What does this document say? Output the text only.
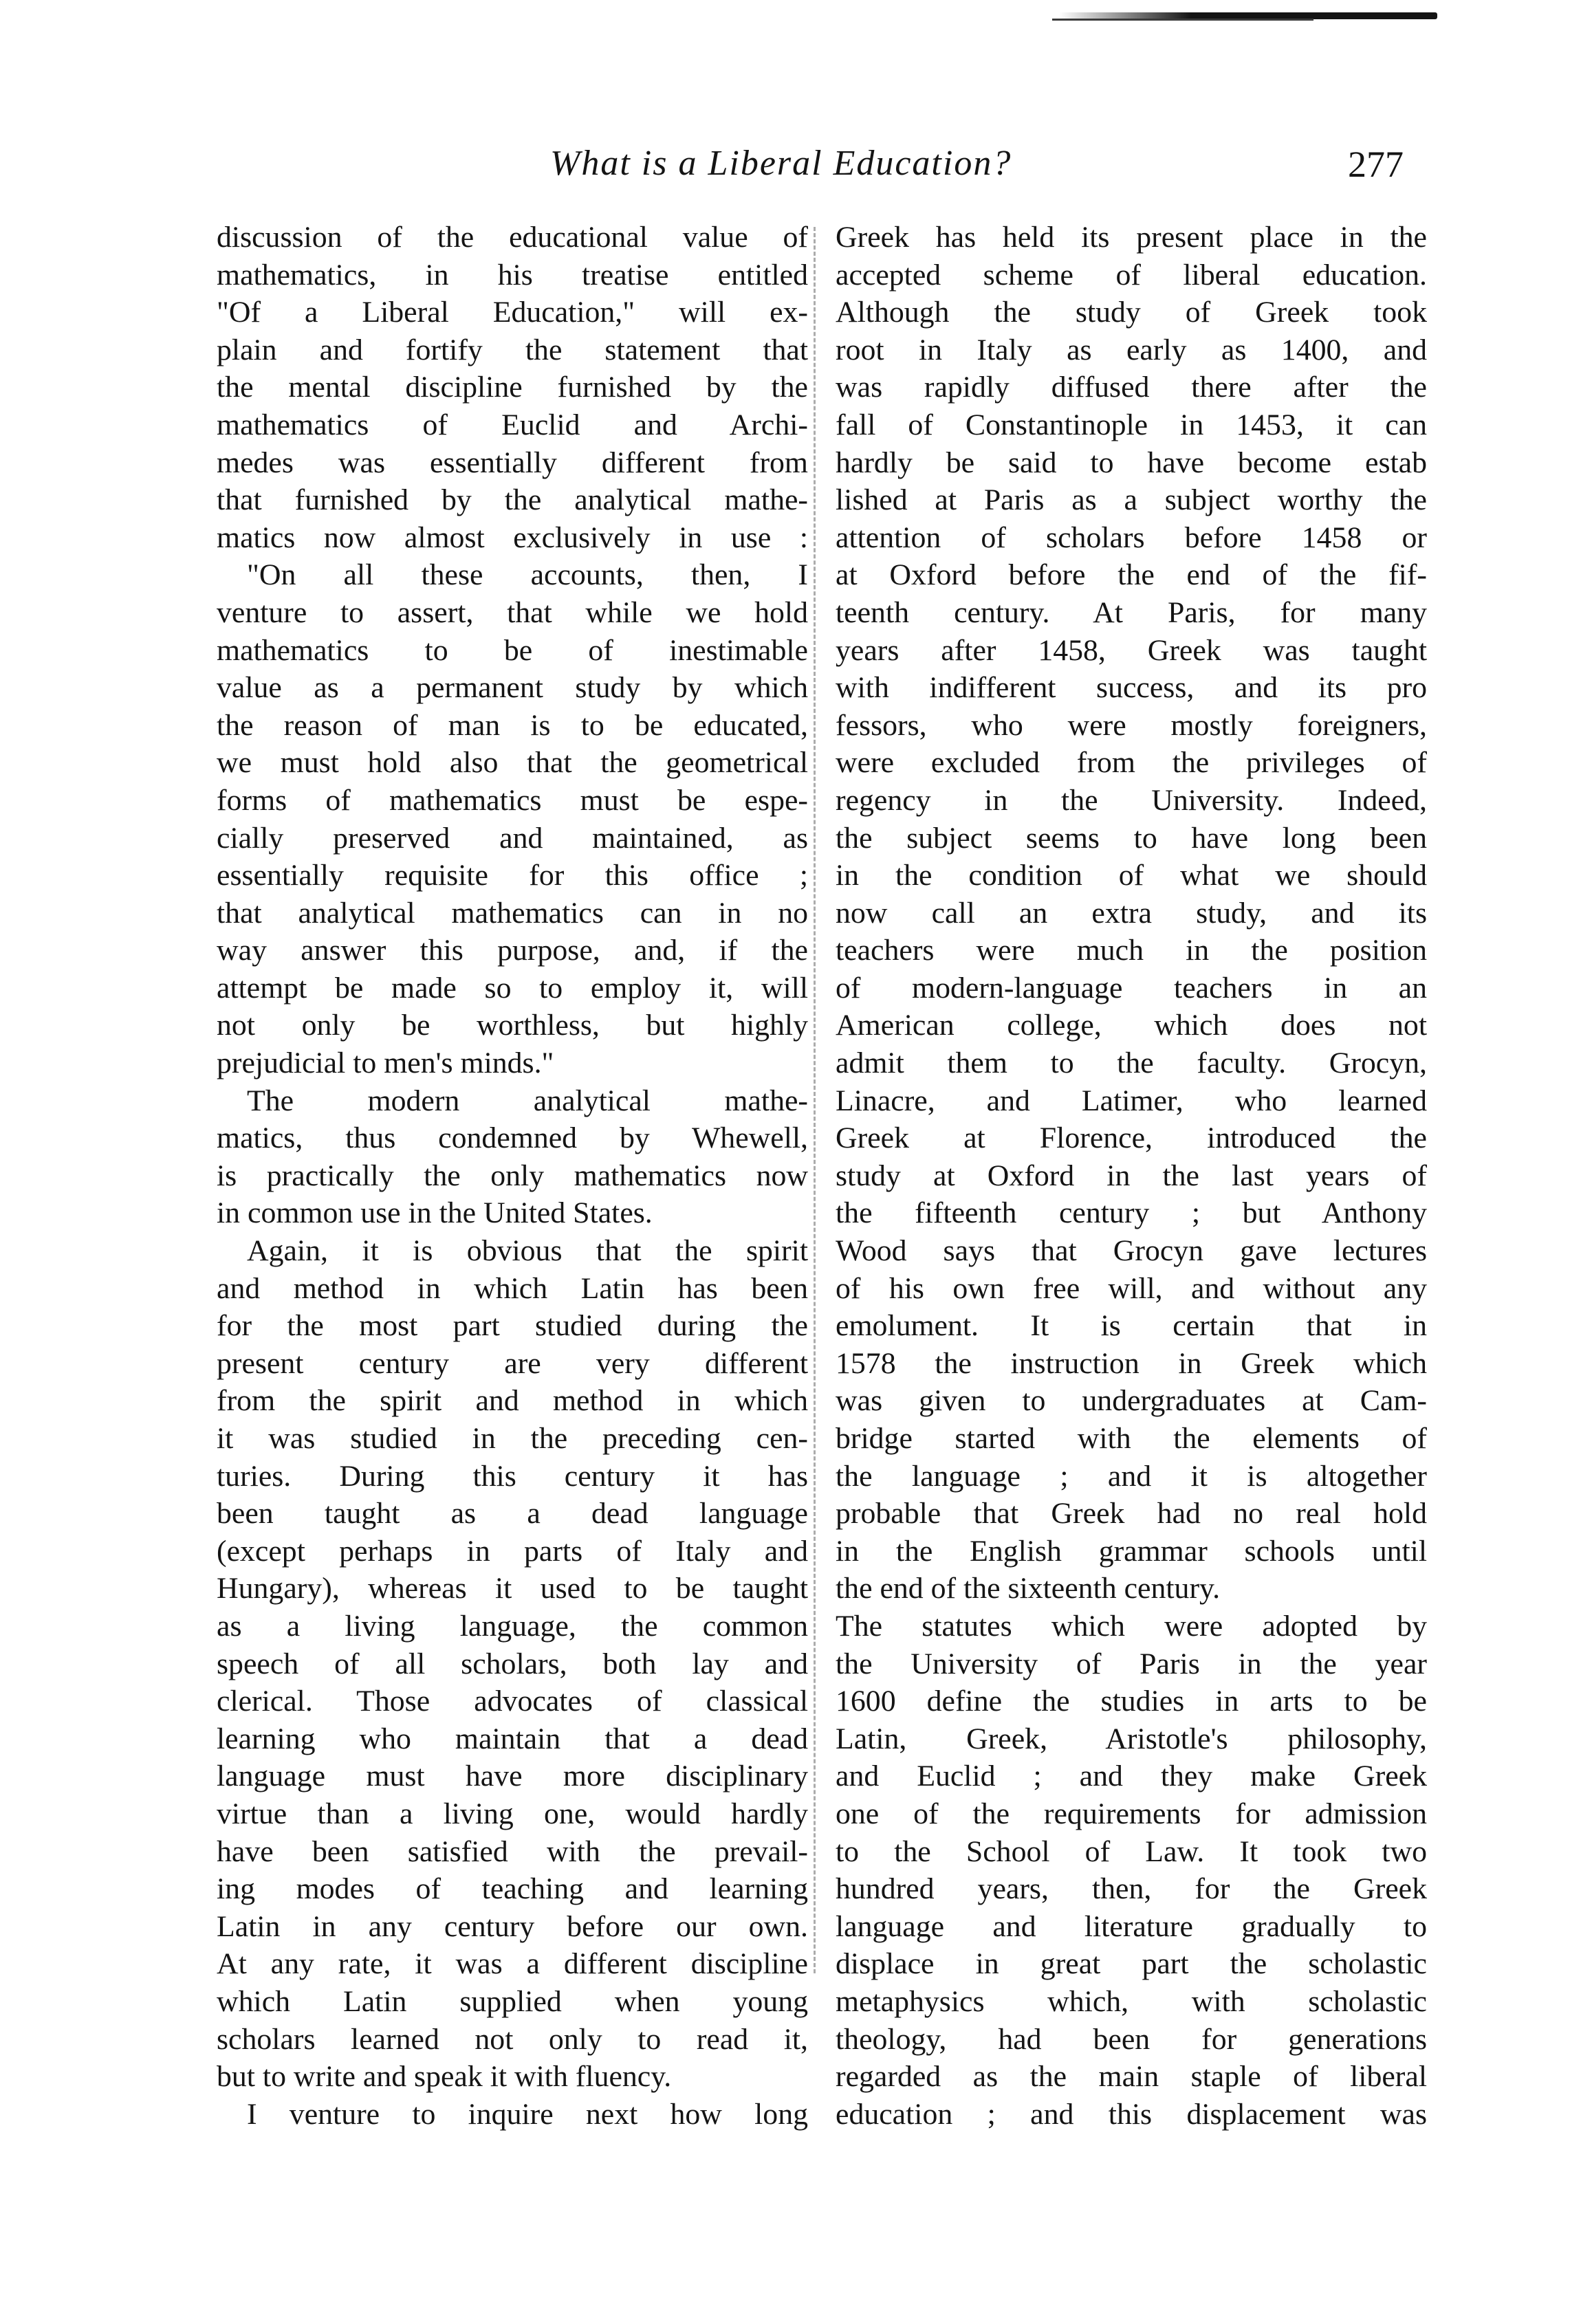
What is a Liberal Education?	277
discussion of the educational value of
mathematics, in his treatise entitled
"Of a Liberal Education," will ex-
plain and fortify the statement that
the mental discipline furnished by the
mathematics of Euclid and Archi-
medes was essentially different from
that furnished by the analytical mathe-
matics now almost exclusively in use :
"On all these accounts, then, I
venture to assert, that while we hold
mathematics to be of inestimable
value as a permanent study by which
the reason of man is to be educated,
we must hold also that the geometrical
forms of mathematics must be espe-
cially preserved and maintained, as
essentially requisite for this office ;
that analytical mathematics can in no
way answer this purpose, and, if the
attempt be made so to employ it, will
not only be worthless, but highly
prejudicial to men's minds."
The modern analytical mathe-
matics, thus condemned by Whewell,
is practically the only mathematics now
in common use in the United States.
Again, it is obvious that the spirit
and method in which Latin has been
for the most part studied during the
present century are very different
from the spirit and method in which
it was studied in the preceding cen-
turies. During this century it has
been taught as a dead language
(except perhaps in parts of Italy and
Hungary), whereas it used to be taught
as a living language, the common
speech of all scholars, both lay and
clerical. Those advocates of classical
learning who maintain that a dead
language must have more disciplinary
virtue than a living one, would hardly
have been satisfied with the prevail-
ing modes of teaching and learning
Latin in any century before our own.
At any rate, it was a different discipline
which Latin supplied when young
scholars learned not only to read it,
but to write and speak it with fluency.
I venture to inquire next how long
Greek has held its present place in the
accepted scheme of liberal education.
Although the study of Greek took
root in Italy as early as 1400, and
was rapidly diffused there after the
fall of Constantinople in 1453, it can
hardly be said to have become estab
lished at Paris as a subject worthy the
attention of scholars before 1458 or
at Oxford before the end of the fif-
teenth century. At Paris, for many
years after 1458, Greek was taught
with indifferent success, and its pro
fessors, who were mostly foreigners,
were excluded from the privileges of
regency in the University. Indeed,
the subject seems to have long been
in the condition of what we should
now call an extra study, and its
teachers were much in the position
of modern-language teachers in an
American college, which does not
admit them to the faculty. Grocyn,
Linacre, and Latimer, who learned
Greek at Florence, introduced the
study at Oxford in the last years of
the fifteenth century ; but Anthony
Wood says that Grocyn gave lectures
of his own free will, and without any
emolument. It is certain that in
1578 the instruction in Greek which
was given to undergraduates at Cam-
bridge started with the elements of
the language ; and it is altogether
probable that Greek had no real hold
in the English grammar schools until
the end of the sixteenth century.
The statutes which were adopted by
the University of Paris in the year
1600 define the studies in arts to be
Latin, Greek, Aristotle's philosophy,
and Euclid ; and they make Greek
one of the requirements for admission
to the School of Law. It took two
hundred years, then, for the Greek
language and literature gradually to
displace in great part the scholastic
metaphysics which, with scholastic
theology, had been for generations
regarded as the main staple of liberal
education ; and this displacement was
